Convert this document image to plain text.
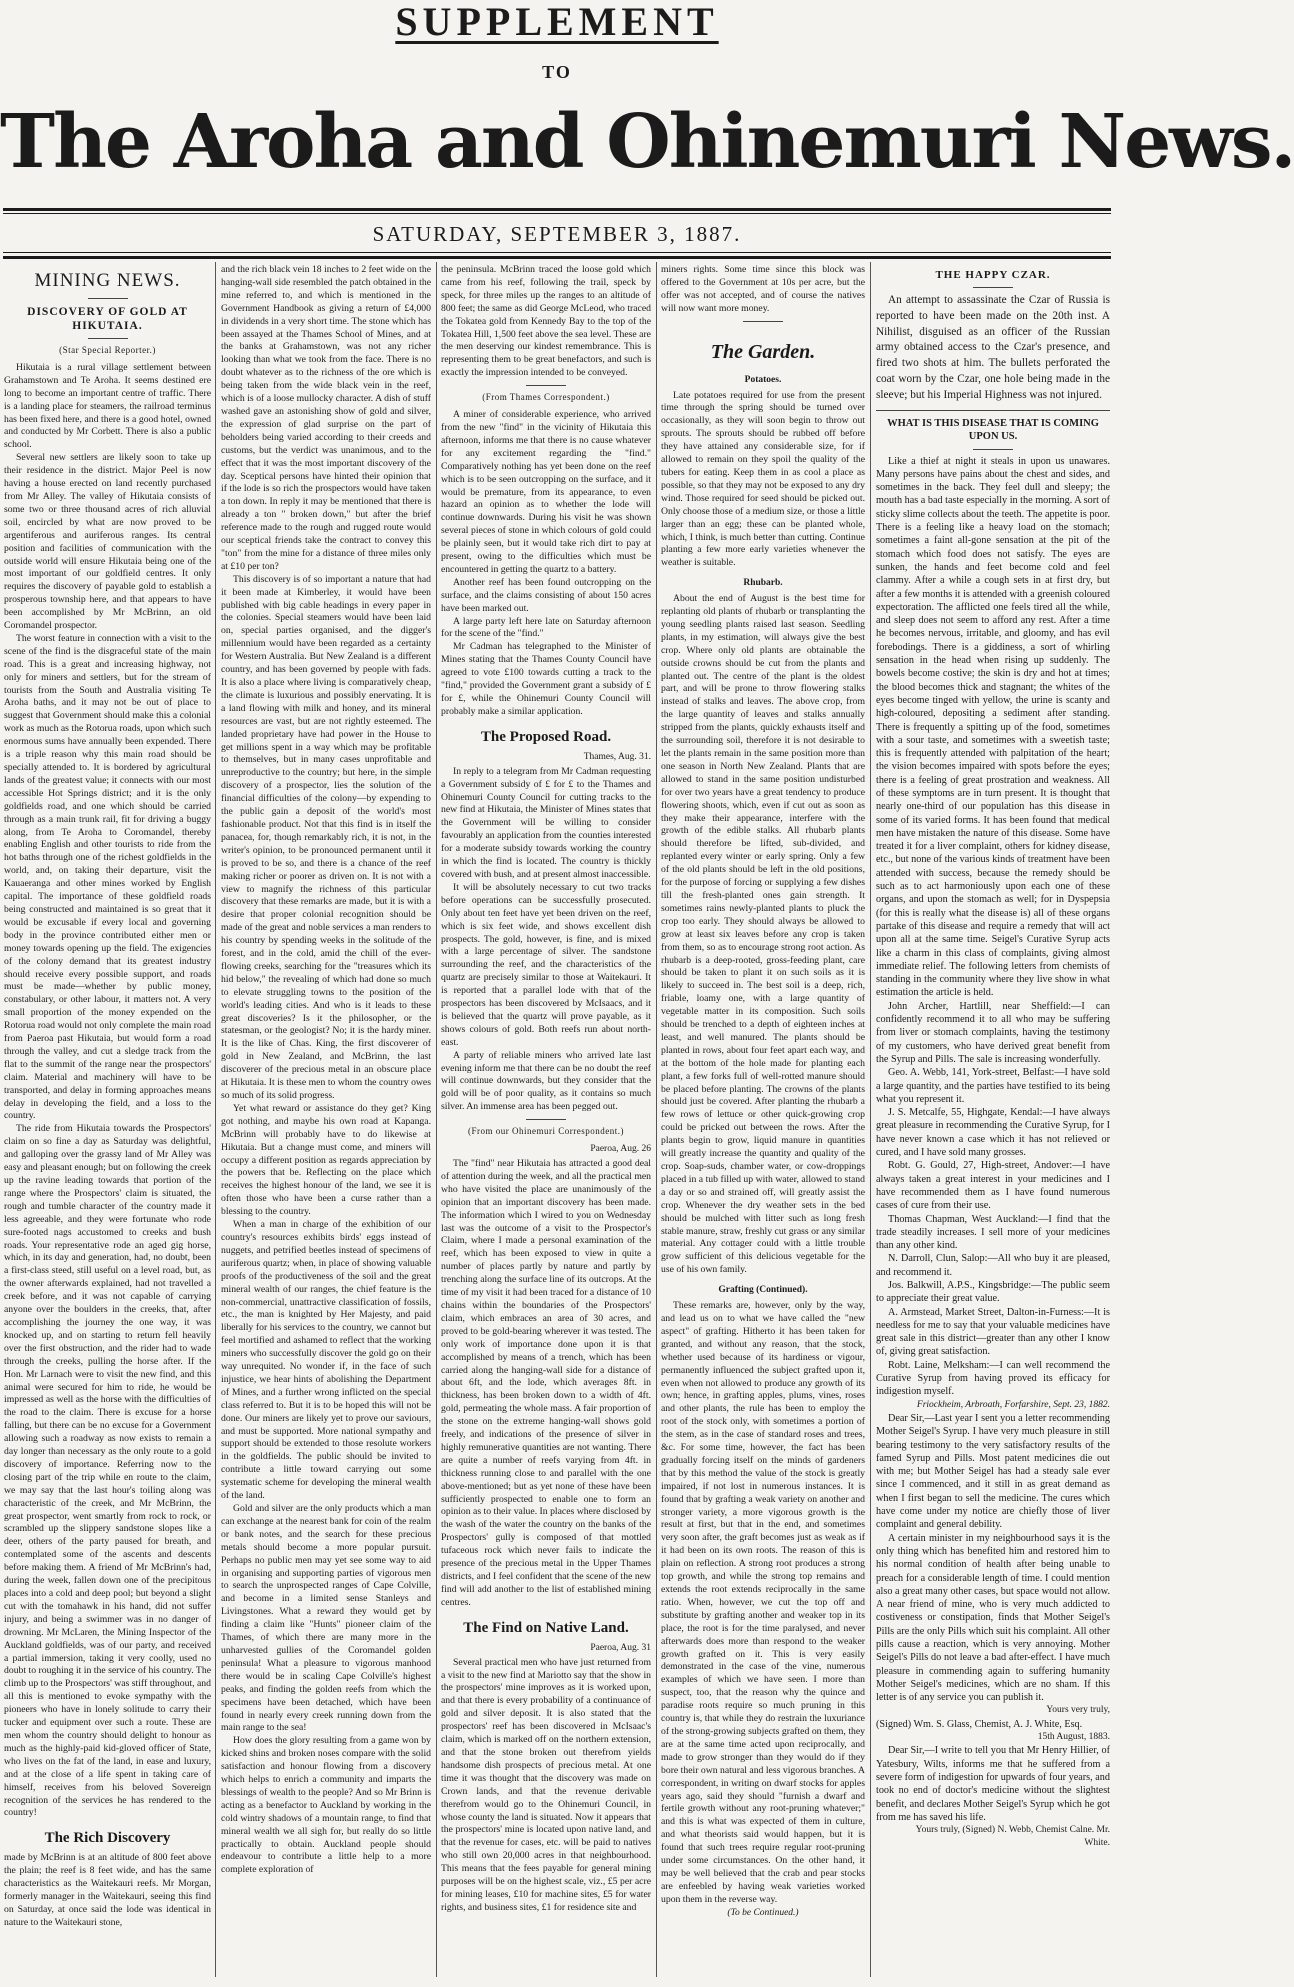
SUPPLEMENT
TO
The Aroha and Ohinemuri News.
SATURDAY, SEPTEMBER 3, 1887.
MINING NEWS.
DISCOVERY OF GOLD AT HIKUTAIA.
(Star Special Reporter.)

Hikutaia is a rural village settlement between Grahamstown and Te Aroha. It seems destined ere long to become an important centre of traffic. There is a landing place for steamers, the railroad terminus has been fixed here, and there is a good hotel, owned and conducted by Mr Corbett. There is also a public school.

Several new settlers are likely soon to take up their residence in the district. Major Peel is now having a house erected on land recently purchased from Mr Alley. The valley of Hikutaia consists of some two or three thousand acres of rich alluvial soil, encircled by what are now proved to be argentiferous and auriferous ranges. Its central position and facilities of communication with the outside world will ensure Hikutaia being one of the most important of our goldfield centres. It only requires the discovery of payable gold to establish a prosperous township here, and that appears to have been accomplished by Mr McBrinn, an old Coromandel prospector.

The worst feature in connection with a visit to the scene of the find is the disgraceful state of the main road. This is a great and increasing highway, not only for miners and settlers, but for the stream of tourists from the South and Australia visiting Te Aroha baths, and it may not be out of place to suggest that Government should make this a colonial work as much as the Rotorua roads, upon which such enormous sums have annually been expended. There is a triple reason why this main road should be specially attended to. It is bordered by agricultural lands of the greatest value; it connects with our most accessible Hot Springs district; and it is the only goldfields road, and one which should be carried through as a main trunk rail, fit for driving a buggy along, from Te Aroha to Coromandel, thereby enabling English and other tourists to ride from the hot baths through one of the richest goldfields in the world, and, on taking their departure, visit the Kauaeranga and other mines worked by English capital. The importance of these goldfield roads being constructed and maintained is so great that it would be excusable if every local and governing body in the province contributed either men or money towards opening up the field. The exigencies of the colony demand that its greatest industry should receive every possible support, and roads must be made—whether by public money, constabulary, or other labour, it matters not. A very small proportion of the money expended on the Rotorua road would not only complete the main road from Paeroa past Hikutaia, but would form a road through the valley, and cut a sledge track from the flat to the summit of the range near the prospectors' claim. Material and machinery will have to be transported, and delay in forming approaches means delay in developing the field, and a loss to the country.

The ride from Hikutaia towards the Prospectors' claim on so fine a day as Saturday was delightful, and galloping over the grassy land of Mr Alley was easy and pleasant enough; but on following the creek up the ravine leading towards that portion of the range where the Prospectors' claim is situated, the rough and tumble character of the country made it less agreeable, and they were fortunate who rode sure-footed nags accustomed to creeks and bush roads. Your representative rode an aged gig horse, which, in its day and generation, had, no doubt, been a first-class steed, still useful on a level road, but, as the owner afterwards explained, had not travelled a creek before, and it was not capable of carrying anyone over the boulders in the creeks, that, after accomplishing the journey the one way, it was knocked up, and on starting to return fell heavily over the first obstruction, and the rider had to wade through the creeks, pulling the horse after. If the Hon. Mr Larnach were to visit the new find, and this animal were secured for him to ride, he would be impressed as well as the horse with the difficulties of the road to the claim. There is excuse for a horse falling, but there can be no excuse for a Government allowing such a roadway as now exists to remain a day longer than necessary as the only route to a gold discovery of importance. Referring now to the closing part of the trip while en route to the claim, we may say that the last hour's toiling along was characteristic of the creek, and Mr McBrinn, the great prospector, went smartly from rock to rock, or scrambled up the slippery sandstone slopes like a deer, others of the party paused for breath, and contemplated some of the ascents and descents before making them. A friend of Mr McBrinn's had, during the week, fallen down one of the precipitous places into a cold and deep pool; but beyond a slight cut with the tomahawk in his hand, did not suffer injury, and being a swimmer was in no danger of drowning. Mr McLaren, the Mining Inspector of the Auckland goldfields, was of our party, and received a partial immersion, taking it very coolly, used no doubt to roughing it in the service of his country. The climb up to the Prospectors' was stiff throughout, and all this is mentioned to evoke sympathy with the pioneers who have in lonely solitude to carry their tucker and equipment over such a route. These are men whom the country should delight to honour as much as the highly-paid kid-gloved officer of State, who lives on the fat of the land, in ease and luxury, and at the close of a life spent in taking care of himself, receives from his beloved Sovereign recognition of the services he has rendered to the country!

The Rich Discovery

made by McBrinn is at an altitude of 800 feet above the plain; the reef is 8 feet wide, and has the same characteristics as the Waitekauri reefs. Mr Morgan, formerly manager in the Waitekauri, seeing this find on Saturday, at once said the lode was identical in nature to the Waitekauri stone,

and the rich black vein 18 inches to 2 feet wide on the hanging-wall side resembled the patch obtained in the mine referred to, and which is mentioned in the Government Handbook as giving a return of £4,000 in dividends in a very short time. The stone which has been assayed at the Thames School of Mines, and at the banks at Grahamstown, was not any richer looking than what we took from the face. There is no doubt whatever as to the richness of the ore which is being taken from the wide black vein in the reef, which is of a loose mullocky character. A dish of stuff washed gave an astonishing show of gold and silver, the expression of glad surprise on the part of beholders being varied according to their creeds and customs, but the verdict was unanimous, and to the effect that it was the most important discovery of the day. Sceptical persons have hinted their opinion that if the lode is so rich the prospectors would have taken a ton down. In reply it may be mentioned that there is already a ton " broken down," but after the brief reference made to the rough and rugged route would our sceptical friends take the contract to convey this "ton" from the mine for a distance of three miles only at £10 per ton?

This discovery is of so important a nature that had it been made at Kimberley, it would have been published with big cable headings in every paper in the colonies. Special steamers would have been laid on, special parties organised, and the digger's millennium would have been regarded as a certainty for Western Australia. But New Zealand is a different country, and has been governed by people with fads. It is also a place where living is comparatively cheap, the climate is luxurious and possibly enervating. It is a land flowing with milk and honey, and its mineral resources are vast, but are not rightly esteemed. The landed proprietary have had power in the House to get millions spent in a way which may be profitable to themselves, but in many cases unprofitable and unreproductive to the country; but here, in the simple discovery of a prospector, lies the solution of the financial difficulties of the colony—by expending to the public gain a deposit of the world's most fashionable product. Not that this find is in itself the panacea, for, though remarkably rich, it is not, in the writer's opinion, to be pronounced permanent until it is proved to be so, and there is a chance of the reef making richer or poorer as driven on. It is not with a view to magnify the richness of this particular discovery that these remarks are made, but it is with a desire that proper colonial recognition should be made of the great and noble services a man renders to his country by spending weeks in the solitude of the forest, and in the cold, amid the chill of the ever-flowing creeks, searching for the "treasures which its hid below," the revealing of which had done so much to elevate struggling towns to the position of the world's leading cities. And who is it leads to these great discoveries? Is it the philosopher, or the statesman, or the geologist? No; it is the hardy miner. It is the like of Chas. King, the first discoverer of gold in New Zealand, and McBrinn, the last discoverer of the precious metal in an obscure place at Hikutaia. It is these men to whom the country owes so much of its solid progress.

Yet what reward or assistance do they get? King got nothing, and maybe his own road at Kapanga. McBrinn will probably have to do likewise at Hikutaia. But a change must come, and miners will occupy a different position as regards appreciation by the powers that be. Reflecting on the place which receives the highest honour of the land, we see it is often those who have been a curse rather than a blessing to the country.

When a man in charge of the exhibition of our country's resources exhibits birds' eggs instead of nuggets, and petrified beetles instead of specimens of auriferous quartz; when, in place of showing valuable proofs of the productiveness of the soil and the great mineral wealth of our ranges, the chief feature is the non-commercial, unattractive classification of fossils, etc., the man is knighted by Her Majesty, and paid liberally for his services to the country, we cannot but feel mortified and ashamed to reflect that the working miners who successfully discover the gold go on their way unrequited. No wonder if, in the face of such injustice, we hear hints of abolishing the Department of Mines, and a further wrong inflicted on the special class referred to. But it is to be hoped this will not be done. Our miners are likely yet to prove our saviours, and must be supported. More national sympathy and support should be extended to those resolute workers in the goldfields. The public should be invited to contribute a little toward carrying out some systematic scheme for developing the mineral wealth of the land.

Gold and silver are the only products which a man can exchange at the nearest bank for coin of the realm or bank notes, and the search for these precious metals should become a more popular pursuit. Perhaps no public men may yet see some way to aid in organising and supporting parties of vigorous men to search the unprospected ranges of Cape Colville, and become in a limited sense Stanleys and Livingstones. What a reward they would get by finding a claim like "Hunts" pioneer claim of the Thames, of which there are many more in the unharvested gullies of the Coromandel golden peninsula! What a pleasure to vigorous manhood there would be in scaling Cape Colville's highest peaks, and finding the golden reefs from which the specimens have been detached, which have been found in nearly every creek running down from the main range to the sea!

How does the glory resulting from a game won by kicked shins and broken noses compare with the solid satisfaction and honour flowing from a discovery which helps to enrich a community and imparts the blessings of wealth to the people? And so Mr Brinn is acting as a benefactor to Auckland by working in the cold wintry shadows of a mountain range, to find that mineral wealth we all sigh for, but really do so little practically to obtain. Auckland people should endeavour to contribute a little help to a more complete exploration of

the peninsula. McBrinn traced the loose gold which came from his reef, following the trail, speck by speck, for three miles up the ranges to an altitude of 800 feet; the same as did George McLeod, who traced the Tokatea gold from Kennedy Bay to the top of the Tokatea Hill, 1,500 feet above the sea level. These are the men deserving our kindest remembrance. This is representing them to be great benefactors, and such is exactly the impression intended to be conveyed.

(From Thames Correspondent.)

A miner of considerable experience, who arrived from the new "find" in the vicinity of Hikutaia this afternoon, informs me that there is no cause whatever for any excitement regarding the "find." Comparatively nothing has yet been done on the reef which is to be seen outcropping on the surface, and it would be premature, from its appearance, to even hazard an opinion as to whether the lode will continue downwards. During his visit he was shown several pieces of stone in which colours of gold could be plainly seen, but it would take rich dirt to pay at present, owing to the difficulties which must be encountered in getting the quartz to a battery.

Another reef has been found outcropping on the surface, and the claims consisting of about 150 acres have been marked out.

A large party left here late on Saturday afternoon for the scene of the "find."

Mr Cadman has telegraphed to the Minister of Mines stating that the Thames County Council have agreed to vote £100 towards cutting a track to the "find," provided the Government grant a subsidy of £ for £, while the Ohinemuri County Council will probably make a similar application.

The Proposed Road.
Thames, Aug. 31.

In reply to a telegram from Mr Cadman requesting a Government subsidy of £ for £ to the Thames and Ohinemuri County Council for cutting tracks to the new find at Hikutaia, the Minister of Mines states that the Government will be willing to consider favourably an application from the counties interested for a moderate subsidy towards working the country in which the find is located. The country is thickly covered with bush, and at present almost inaccessible.

It will be absolutely necessary to cut two tracks before operations can be successfully prosecuted. Only about ten feet have yet been driven on the reef, which is six feet wide, and shows excellent dish prospects. The gold, however, is fine, and is mixed with a large percentage of silver. The sandstone surrounding the reef, and the characteristics of the quartz are precisely similar to those at Waitekauri. It is reported that a parallel lode with that of the prospectors has been discovered by McIsaacs, and it is believed that the quartz will prove payable, as it shows colours of gold. Both reefs run about north-east.

A party of reliable miners who arrived late last evening inform me that there can be no doubt the reef will continue downwards, but they consider that the gold will be of poor quality, as it contains so much silver. An immense area has been pegged out.

(From our Ohinemuri Correspondent.)
Paeroa, Aug. 26

The "find" near Hikutaia has attracted a good deal of attention during the week, and all the practical men who have visited the place are unanimously of the opinion that an important discovery has been made. The information which I wired to you on Wednesday last was the outcome of a visit to the Prospector's Claim, where I made a personal examination of the reef, which has been exposed to view in quite a number of places partly by nature and partly by trenching along the surface line of its outcrops. At the time of my visit it had been traced for a distance of 10 chains within the boundaries of the Prospectors' claim, which embraces an area of 30 acres, and proved to be gold-bearing wherever it was tested. The only work of importance done upon it is that accomplished by means of a trench, which has been carried along the hanging-wall side for a distance of about 6ft, and the lode, which averages 8ft. in thickness, has been broken down to a width of 4ft. gold, permeating the whole mass. A fair proportion of the stone on the extreme hanging-wall shows gold freely, and indications of the presence of silver in highly remunerative quantities are not wanting. There are quite a number of reefs varying from 4ft. in thickness running close to and parallel with the one above-mentioned; but as yet none of these have been sufficiently prospected to enable one to form an opinion as to their value. In places where disclosed by the wash of the water the country on the banks of the Prospectors' gully is composed of that mottled tufaceous rock which never fails to indicate the presence of the precious metal in the Upper Thames districts, and I feel confident that the scene of the new find will add another to the list of established mining centres.

The Find on Native Land.
Paeroa, Aug. 31

Several practical men who have just returned from a visit to the new find at Mariotto say that the show in the prospectors' mine improves as it is worked upon, and that there is every probability of a continuance of gold and silver deposit. It is also stated that the prospectors' reef has been discovered in McIsaac's claim, which is marked off on the northern extension, and that the stone broken out therefrom yields handsome dish prospects of precious metal. At one time it was thought that the discovery was made on Crown lands, and that the revenue derivable therefrom would go to the Ohinemuri Council, in whose county the land is situated. Now it appears that the prospectors' mine is located upon native land, and that the revenue for cases, etc. will be paid to natives who still own 20,000 acres in that neighbourhood. This means that the fees payable for general mining purposes will be on the highest scale, viz., £5 per acre for mining leases, £10 for machine sites, £5 for water rights, and business sites, £1 for residence site and

miners rights. Some time since this block was offered to the Government at 10s per acre, but the offer was not accepted, and of course the natives will now want more money.

The Garden.
Potatoes.

Late potatoes required for use from the present time through the spring should be turned over occasionally, as they will soon begin to throw out sprouts. The sprouts should be rubbed off before they have attained any considerable size, for if allowed to remain on they spoil the quality of the tubers for eating. Keep them in as cool a place as possible, so that they may not be exposed to any dry wind. Those required for seed should be picked out. Only choose those of a medium size, or those a little larger than an egg; these can be planted whole, which, I think, is much better than cutting. Continue planting a few more early varieties whenever the weather is suitable.

Rhubarb.

About the end of August is the best time for replanting old plants of rhubarb or transplanting the young seedling plants raised last season. Seedling plants, in my estimation, will always give the best crop. Where only old plants are obtainable the outside crowns should be cut from the plants and planted out. The centre of the plant is the oldest part, and will be prone to throw flowering stalks instead of stalks and leaves. The above crop, from the large quantity of leaves and stalks annually stripped from the plants, quickly exhausts itself and the surrounding soil, therefore it is not desirable to let the plants remain in the same position more than one season in North New Zealand. Plants that are allowed to stand in the same position undisturbed for over two years have a great tendency to produce flowering shoots, which, even if cut out as soon as they make their appearance, interfere with the growth of the edible stalks. All rhubarb plants should therefore be lifted, sub-divided, and replanted every winter or early spring. Only a few of the old plants should be left in the old positions, for the purpose of forcing or supplying a few dishes till the fresh-planted ones gain strength. It sometimes rains newly-planted plants to pluck the crop too early. They should always be allowed to grow at least six leaves before any crop is taken from them, so as to encourage strong root action. As rhubarb is a deep-rooted, gross-feeding plant, care should be taken to plant it on such soils as it is likely to succeed in. The best soil is a deep, rich, friable, loamy one, with a large quantity of vegetable matter in its composition. Such soils should be trenched to a depth of eighteen inches at least, and well manured. The plants should be planted in rows, about four feet apart each way, and at the bottom of the hole made for planting each plant, a few forks full of well-rotted manure should be placed before planting. The crowns of the plants should just be covered. After planting the rhubarb a few rows of lettuce or other quick-growing crop could be pricked out between the rows. After the plants begin to grow, liquid manure in quantities will greatly increase the quantity and quality of the crop. Soap-suds, chamber water, or cow-droppings placed in a tub filled up with water, allowed to stand a day or so and strained off, will greatly assist the crop. Whenever the dry weather sets in the bed should be mulched with litter such as long fresh stable manure, straw, freshly cut grass or any similar material. Any cottager could with a little trouble grow sufficient of this delicious vegetable for the use of his own family.

Grafting (Continued).

These remarks are, however, only by the way, and lead us on to what we have called the "new aspect" of grafting. Hitherto it has been taken for granted, and without any reason, that the stock, whether used because of its hardiness or vigour, permanently influenced the subject grafted upon it, even when not allowed to produce any growth of its own; hence, in grafting apples, plums, vines, roses and other plants, the rule has been to employ the root of the stock only, with sometimes a portion of the stem, as in the case of standard roses and trees, &c. For some time, however, the fact has been gradually forcing itself on the minds of gardeners that by this method the value of the stock is greatly impaired, if not lost in numerous instances. It is found that by grafting a weak variety on another and stronger variety, a more vigorous growth is the result at first, but that in the end, and sometimes very soon after, the graft becomes just as weak as if it had been on its own roots. The reason of this is plain on reflection. A strong root produces a strong top growth, and while the strong top remains and extends the root extends reciprocally in the same ratio. When, however, we cut the top off and substitute by grafting another and weaker top in its place, the root is for the time paralysed, and never afterwards does more than respond to the weaker growth grafted on it. This is very easily demonstrated in the case of the vine, numerous examples of which we have seen. I more than suspect, too, that the reason why the quince and paradise roots require so much pruning in this country is, that while they do restrain the luxuriance of the strong-growing subjects grafted on them, they are at the same time acted upon reciprocally, and made to grow stronger than they would do if they bore their own natural and less vigorous branches. A correspondent, in writing on dwarf stocks for apples years ago, said they should "furnish a dwarf and fertile growth without any root-pruning whatever;" and this is what was expected of them in culture, and what theorists said would happen, but it is found that such trees require regular root-pruning under some circumstances. On the other hand, it may be well believed that the crab and pear stocks are enfeebled by having weak varieties worked upon them in the reverse way.

(To be Continued.)
THE HAPPY CZAR.

An attempt to assassinate the Czar of Russia is reported to have been made on the 20th inst. A Nihilist, disguised as an officer of the Russian army obtained access to the Czar's presence, and fired two shots at him. The bullets perforated the coat worn by the Czar, one hole being made in the sleeve; but his Imperial Highness was not injured.

WHAT IS THIS DISEASE THAT IS COMING UPON US.

Like a thief at night it steals in upon us unawares. Many persons have pains about the chest and sides, and sometimes in the back. They feel dull and sleepy; the mouth has a bad taste especially in the morning. A sort of sticky slime collects about the teeth. The appetite is poor. There is a feeling like a heavy load on the stomach; sometimes a faint all-gone sensation at the pit of the stomach which food does not satisfy. The eyes are sunken, the hands and feet become cold and feel clammy. After a while a cough sets in at first dry, but after a few months it is attended with a greenish coloured expectoration. The afflicted one feels tired all the while, and sleep does not seem to afford any rest. After a time he becomes nervous, irritable, and gloomy, and has evil forebodings. There is a giddiness, a sort of whirling sensation in the head when rising up suddenly. The bowels become costive; the skin is dry and hot at times; the blood becomes thick and stagnant; the whites of the eyes become tinged with yellow, the urine is scanty and high-coloured, depositing a sediment after standing. There is frequently a spitting up of the food, sometimes with a sour taste, and sometimes with a sweetish taste; this is frequently attended with palpitation of the heart; the vision becomes impaired with spots before the eyes; there is a feeling of great prostration and weakness. All of these symptoms are in turn present. It is thought that nearly one-third of our population has this disease in some of its varied forms. It has been found that medical men have mistaken the nature of this disease. Some have treated it for a liver complaint, others for kidney disease, etc., but none of the various kinds of treatment have been attended with success, because the remedy should be such as to act harmoniously upon each one of these organs, and upon the stomach as well; for in Dyspepsia (for this is really what the disease is) all of these organs partake of this disease and require a remedy that will act upon all at the same time. Seigel's Curative Syrup acts like a charm in this class of complaints, giving almost immediate relief. The following letters from chemists of standing in the community where they live show in what estimation the article is held.

John Archer, Hartlill, near Sheffield:—I can confidently recommend it to all who may be suffering from liver or stomach complaints, having the testimony of my customers, who have derived great benefit from the Syrup and Pills. The sale is increasing wonderfully.

Geo. A. Webb, 141, York-street, Belfast:—I have sold a large quantity, and the parties have testified to its being what you represent it.

J. S. Metcalfe, 55, Highgate, Kendal:—I have always great pleasure in recommending the Curative Syrup, for I have never known a case which it has not relieved or cured, and I have sold many grosses.

Robt. G. Gould, 27, High-street, Andover:—I have always taken a great interest in your medicines and I have recommended them as I have found numerous cases of cure from their use.

Thomas Chapman, West Auckland:—I find that the trade steadily increases. I sell more of your medicines than any other kind.

N. Darroll, Clun, Salop:—All who buy it are pleased, and recommend it.

Jos. Balkwill, A.P.S., Kingsbridge:—The public seem to appreciate their great value.

A. Armstead, Market Street, Dalton-in-Furness:—It is needless for me to say that your valuable medicines have great sale in this district—greater than any other I know of, giving great satisfaction.

Robt. Laine, Melksham:—I can well recommend the Curative Syrup from having proved its efficacy for indigestion myself.

Friockheim, Arbroath, Forfarshire, Sept. 23, 1882.

Dear Sir,—Last year I sent you a letter recommending Mother Seigel's Syrup. I have very much pleasure in still bearing testimony to the very satisfactory results of the famed Syrup and Pills. Most patent medicines die out with me; but Mother Seigel has had a steady sale ever since I commenced, and it still in as great demand as when I first began to sell the medicine. The cures which have come under my notice are chiefly those of liver complaint and general debility.

A certain minister in my neighbourhood says it is the only thing which has benefited him and restored him to his normal condition of health after being unable to preach for a considerable length of time. I could mention also a great many other cases, but space would not allow. A near friend of mine, who is very much addicted to costiveness or constipation, finds that Mother Seigel's Pills are the only Pills which suit his complaint. All other pills cause a reaction, which is very annoying. Mother Seigel's Pills do not leave a bad after-effect. I have much pleasure in commending again to suffering humanity Mother Seigel's medicines, which are no sham. If this letter is of any service you can publish it.

Yours very truly,

(Signed) Wm. S. Glass, Chemist, A. J. White, Esq.

15th August, 1883.

Dear Sir,—I write to tell you that Mr Henry Hillier, of Yatesbury, Wilts, informs me that he suffered from a severe form of indigestion for upwards of four years, and took no end of doctor's medicine without the slightest benefit, and declares Mother Seigel's Syrup which he got from me has saved his life.

Yours truly, (Signed) N. Webb, Chemist Calne. Mr. White.
